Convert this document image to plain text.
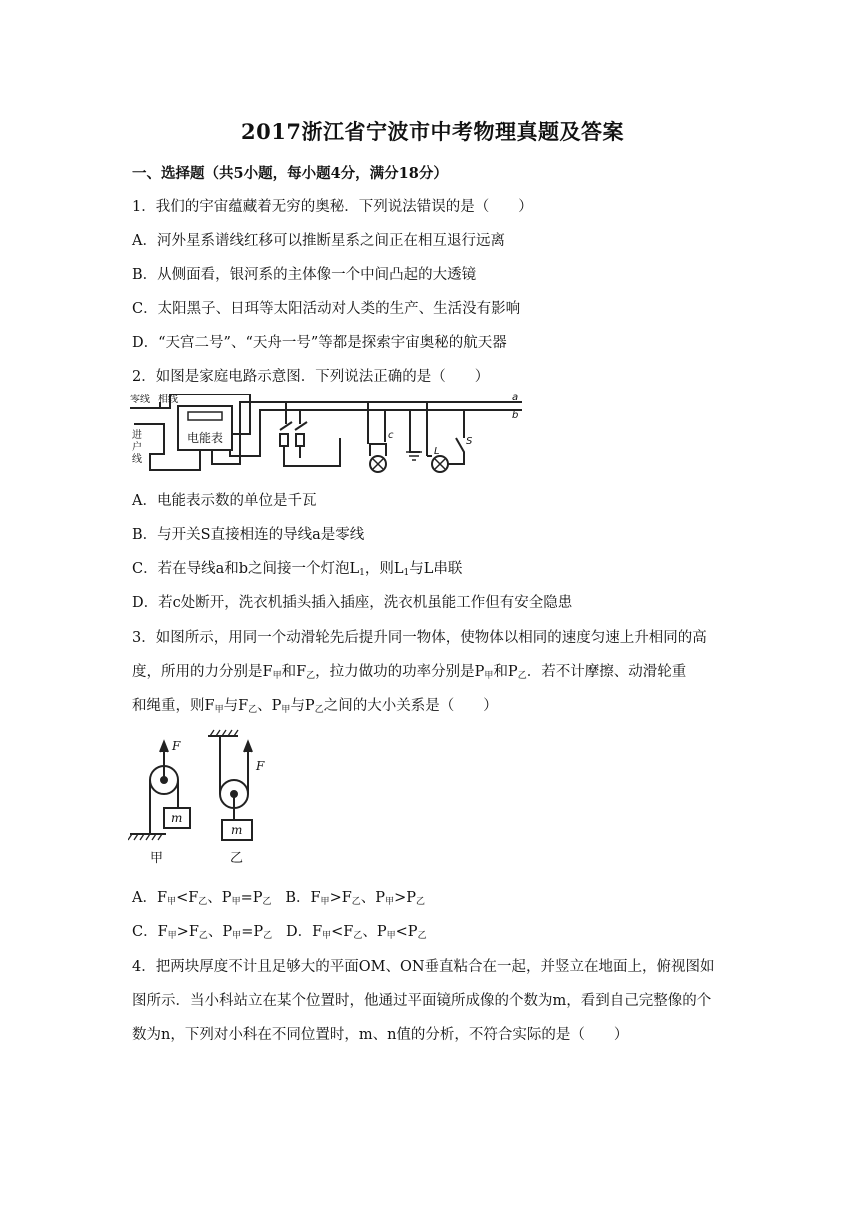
2017浙江省宁波市中考物理真题及答案
一、选择题（共5小题，每小题4分，满分18分）
1．我们的宇宙蕴藏着无穷的奥秘．下列说法错误的是（　　）
A．河外星系谱线红移可以推断星系之间正在相互退行远离
B．从侧面看，银河系的主体像一个中间凸起的大透镜
C．太阳黑子、日珥等太阳活动对人类的生产、生活没有影响
D．“天宫二号”、“天舟一号”等都是探索宇宙奥秘的航天器
2．如图是家庭电路示意图．下列说法正确的是（　　）
零线 相线
进
户
线
电能表
a
b
c
L
S
A．电能表示数的单位是千瓦
B．与开关S直接相连的导线a是零线
C．若在导线a和b之间接一个灯泡$L_1$，则$L_1$与L串联
D．若c处断开，洗衣机插头插入插座，洗衣机虽能工作但有安全隐患
3．如图所示，用同一个动滑轮先后提升同一物体，使物体以相同的速度匀速上升相同的高
度，所用的力分别是$F_甲$和$F_乙$，拉力做功的功率分别是$P_甲$和$P_乙$．若不计摩擦、动滑轮重
和绳重，则$F_甲$与$F_乙$、$P_甲$与$P_乙$之间的大小关系是（　　）
F
F
m
m
甲	乙
A．$F_甲<F_乙$、$P_甲=P_乙$ B．$F_甲>F_乙$、$P_甲>P_乙$
C．$F_甲>F_乙$、$P_甲=P_乙$ D．$F_甲<F_乙$、$P_甲<P_乙$
4．把两块厚度不计且足够大的平面OM、ON垂直粘合在一起，并竖立在地面上，俯视图如
图所示．当小科站立在某个位置时，他通过平面镜所成像的个数为m，看到自己完整像的个
数为n，下列对小科在不同位置时，m、n值的分析，不符合实际的是（　　）
